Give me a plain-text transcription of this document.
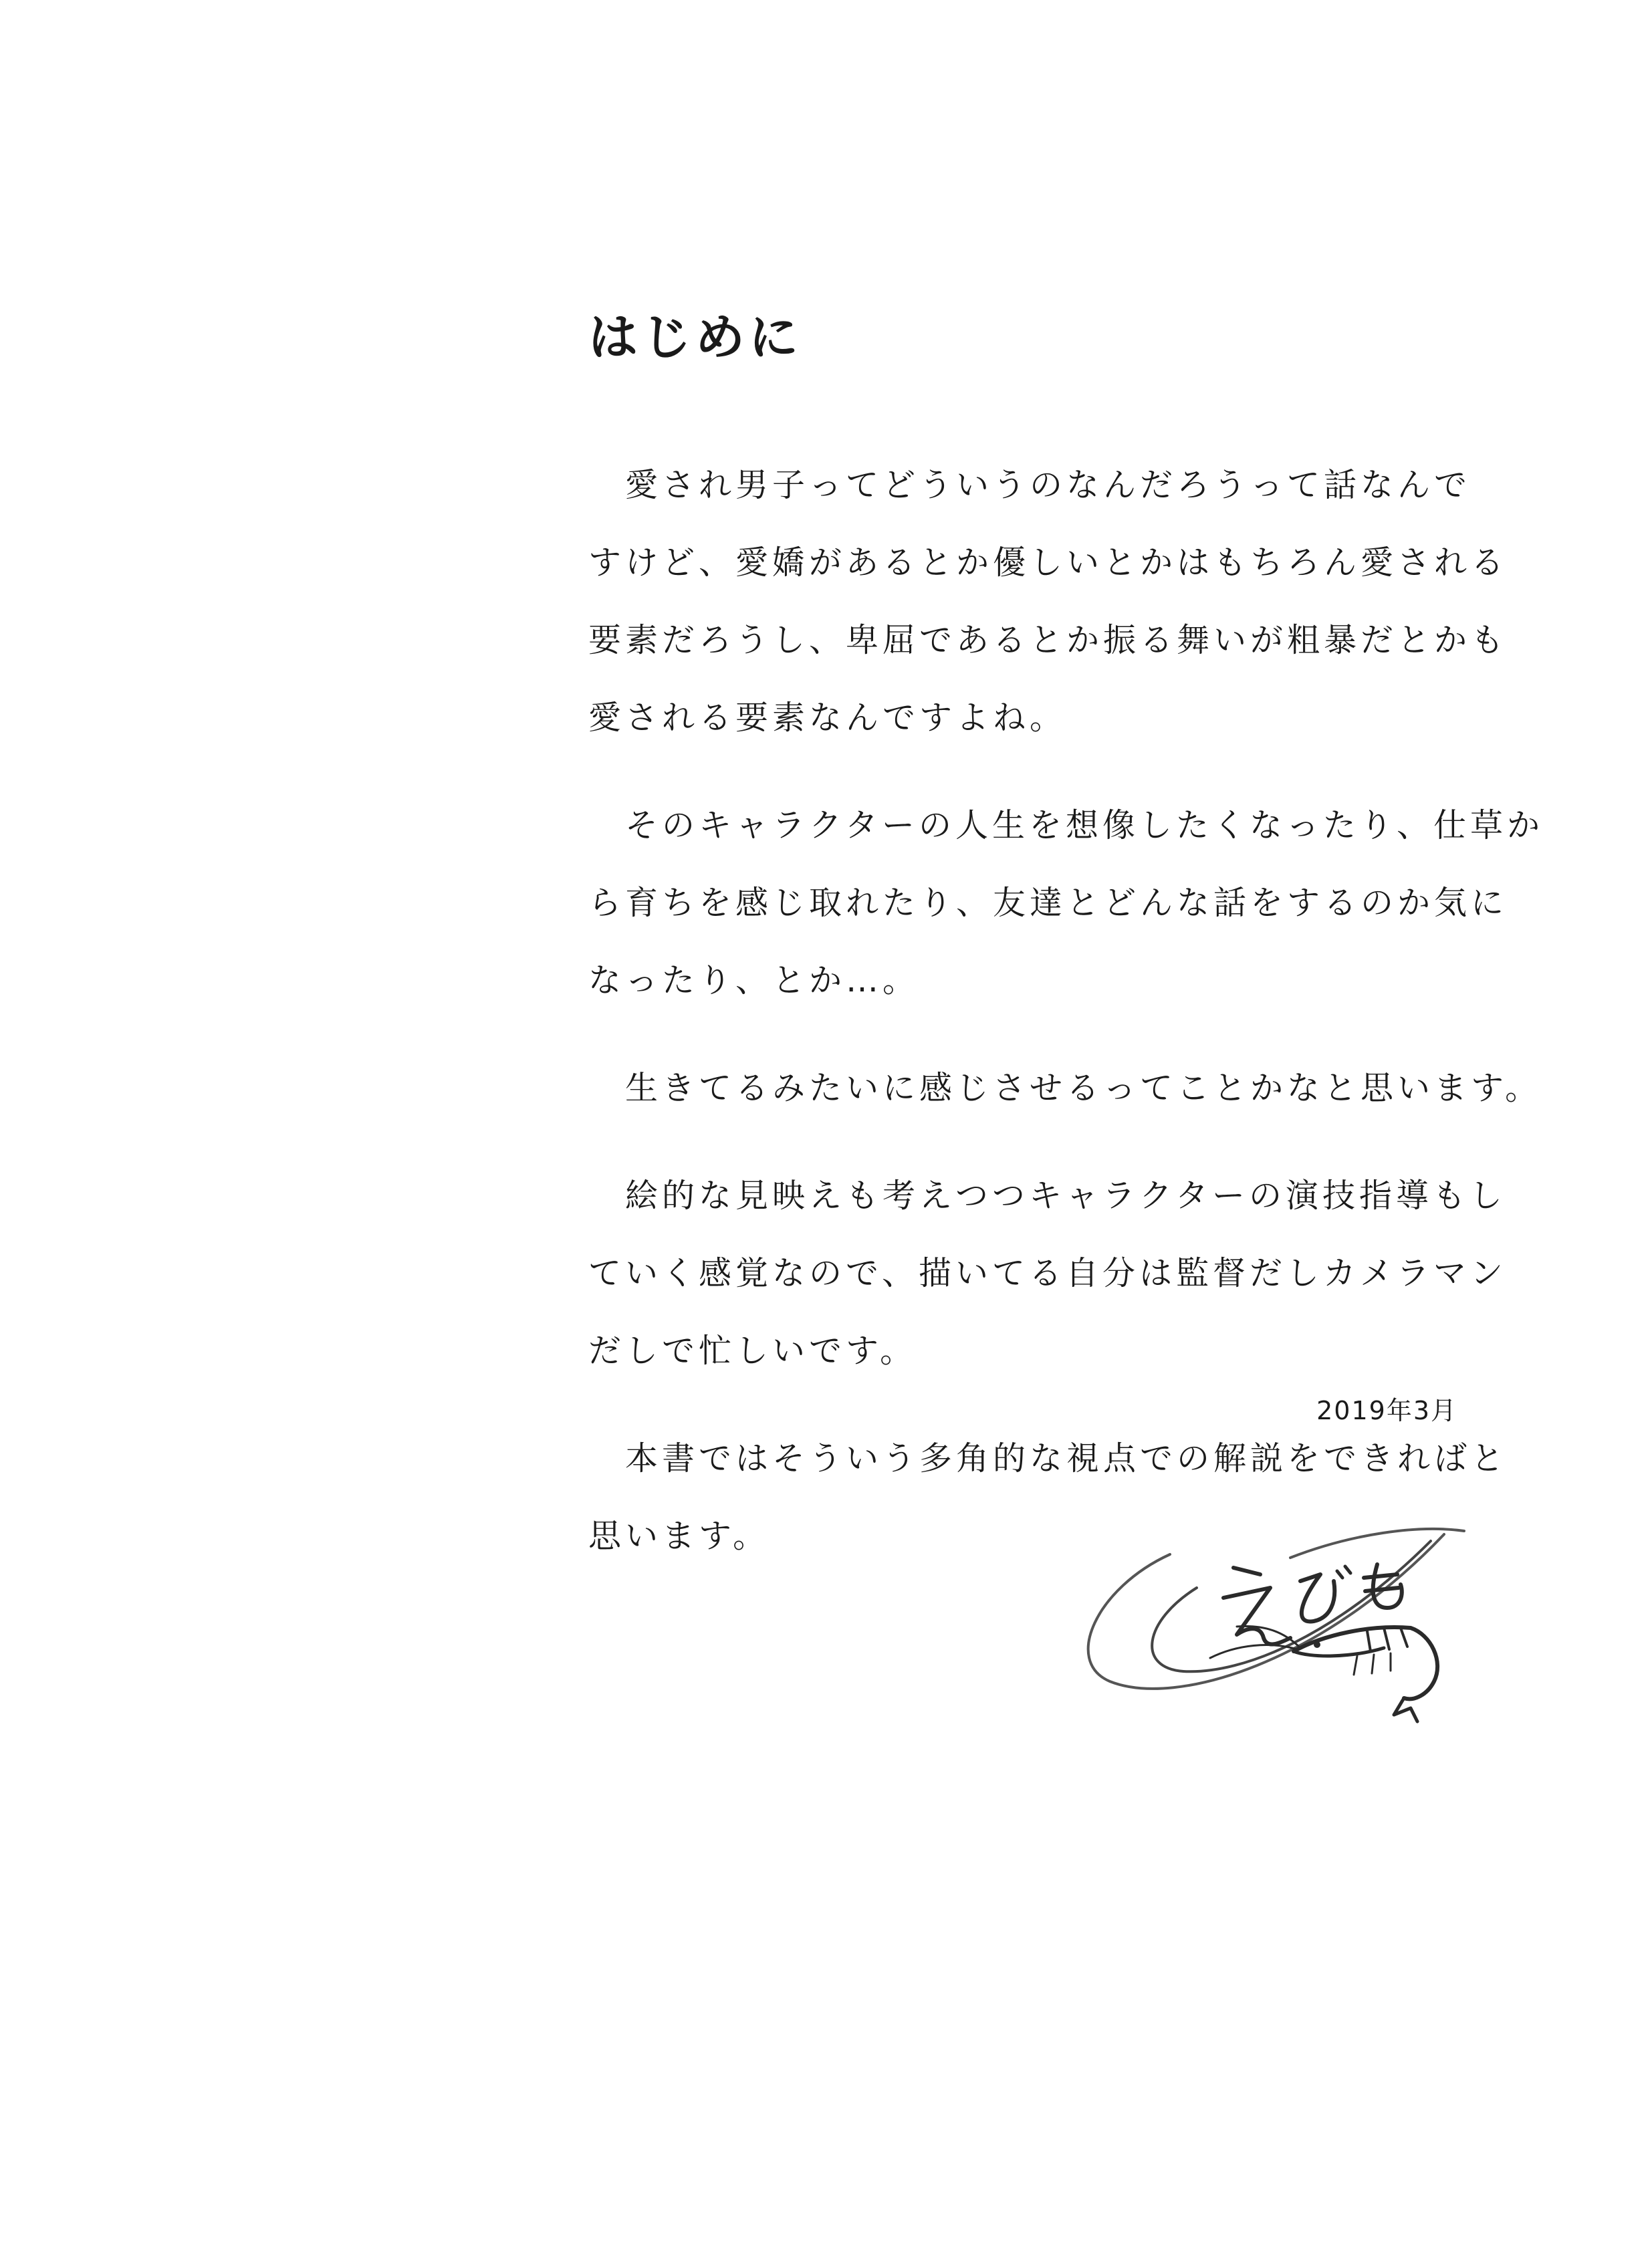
はじめに

　愛され男子ってどういうのなんだろうって話なんで
すけど、愛嬌があるとか優しいとかはもちろん愛される
要素だろうし、卑屈であるとか振る舞いが粗暴だとかも
愛される要素なんですよね。

　そのキャラクターの人生を想像したくなったり、仕草か
ら育ちを感じ取れたり、友達とどんな話をするのか気に
なったり、とか…。

　生きてるみたいに感じさせるってことかなと思います。

　絵的な見映えも考えつつキャラクターの演技指導もし
ていく感覚なので、描いてる自分は監督だしカメラマン
だしで忙しいです。

　本書ではそういう多角的な視点での解説をできればと
思います。

2019年3月
